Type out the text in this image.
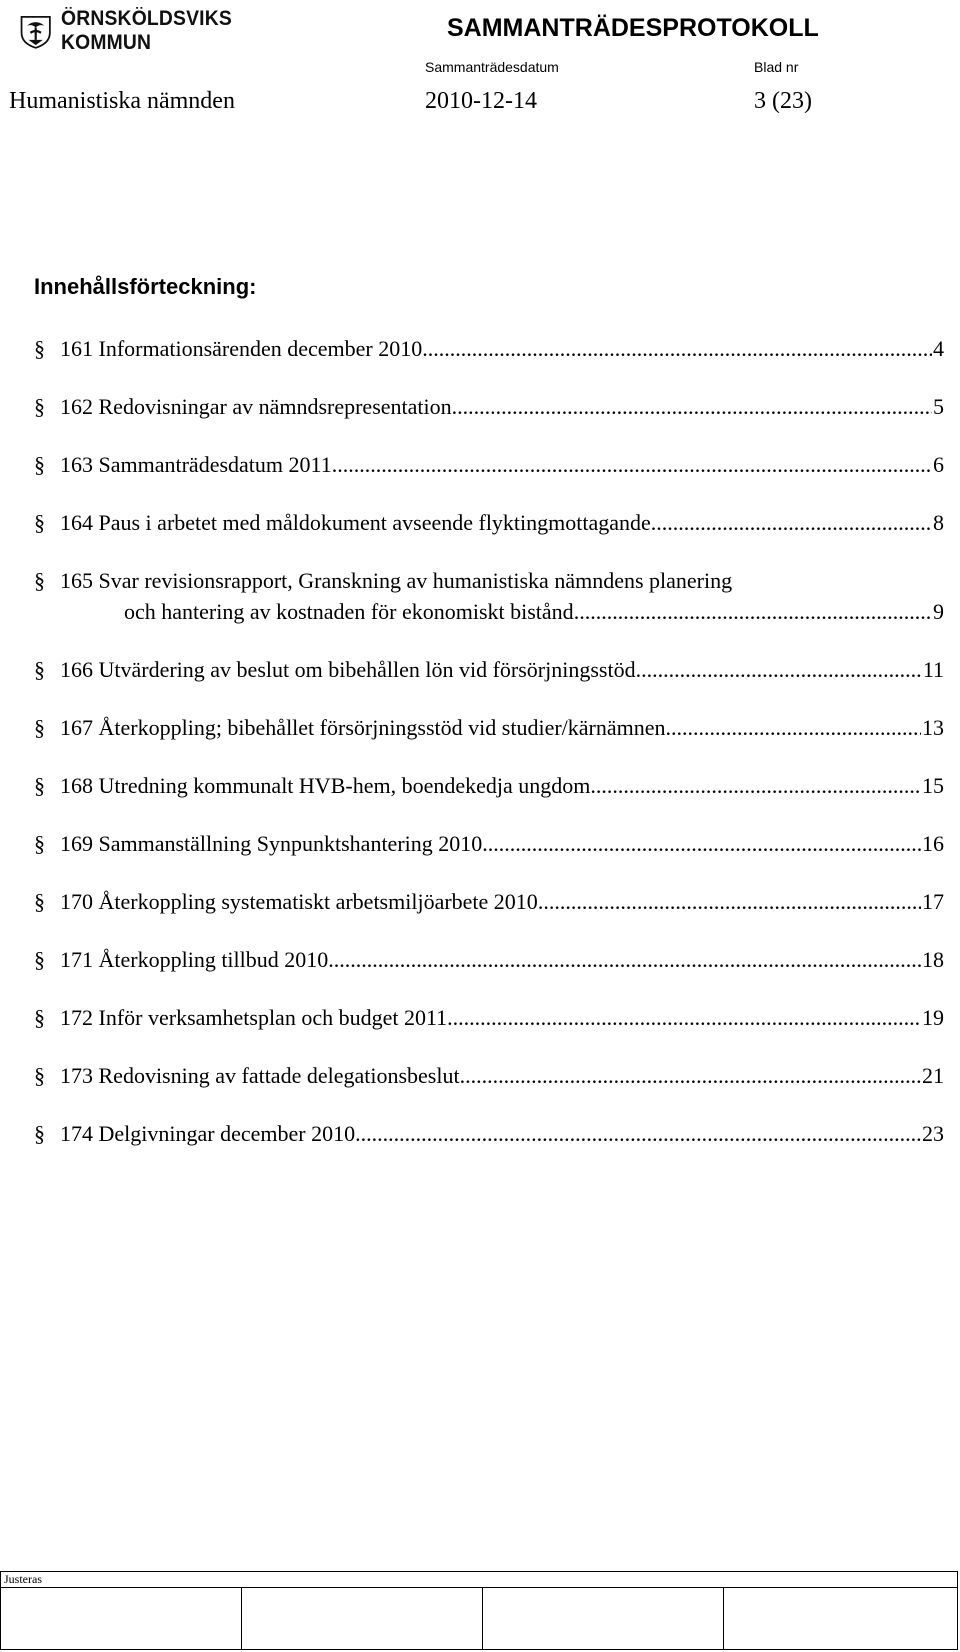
ÖRNSKÖLDSVIKS KOMMUN
SAMMANTRÄDESPROTOKOLL
Sammanträdesdatum	Blad nr
Humanistiska nämnden	2010-12-14	3 (23)
Innehållsförteckning:
§ 161 Informationsärenden december 2010 .....	4
§ 162 Redovisningar av nämndsrepresentation .....	5
§ 163 Sammanträdesdatum 2011 .....	6
§ 164 Paus i arbetet med måldokument avseende flyktingmottagande .....	8
§ 165 Svar revisionsrapport, Granskning av humanistiska nämndens planering
och hantering av kostnaden för ekonomiskt bistånd .....	9
§ 166 Utvärdering av beslut om bibehållen lön vid försörjningsstöd .....	11
§ 167 Återkoppling; bibehållet försörjningsstöd vid studier/kärnämnen .....	13
§ 168 Utredning kommunalt HVB-hem, boendekedja ungdom .....	15
§ 169 Sammanställning Synpunktshantering 2010 .....	16
§ 170 Återkoppling systematiskt arbetsmiljöarbete 2010 .....	17
§ 171 Återkoppling tillbud 2010 .....	18
§ 172 Inför verksamhetsplan och budget 2011 .....	19
§ 173 Redovisning av fattade delegationsbeslut .....	21
§ 174 Delgivningar december 2010 .....	23
Justeras
